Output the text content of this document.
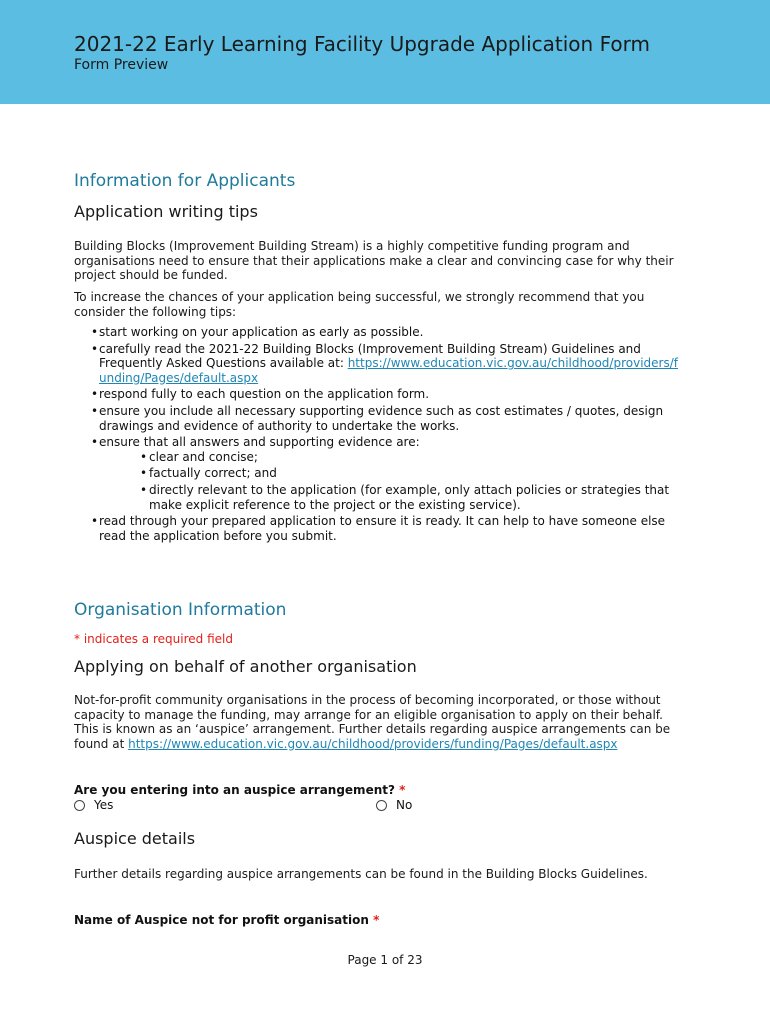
2021-22 Early Learning Facility Upgrade Application Form
Form Preview
Information for Applicants
Application writing tips
Building Blocks (Improvement Building Stream) is a highly competitive funding program and organisations need to ensure that their applications make a clear and convincing case for why their project should be funded.
To increase the chances of your application being successful, we strongly recommend that you consider the following tips:
• start working on your application as early as possible.
• carefully read the 2021-22 Building Blocks (Improvement Building Stream) Guidelines and Frequently Asked Questions available at: https://www.education.vic.gov.au/childhood/providers/funding/Pages/default.aspx
• respond fully to each question on the application form.
• ensure you include all necessary supporting evidence such as cost estimates / quotes, design drawings and evidence of authority to undertake the works.
• ensure that all answers and supporting evidence are:
• clear and concise;
• factually correct; and
• directly relevant to the application (for example, only attach policies or strategies that make explicit reference to the project or the existing service).
• read through your prepared application to ensure it is ready. It can help to have someone else read the application before you submit.
Organisation Information
* indicates a required field
Applying on behalf of another organisation
Not-for-profit community organisations in the process of becoming incorporated, or those without capacity to manage the funding, may arrange for an eligible organisation to apply on their behalf. This is known as an ‘auspice’ arrangement. Further details regarding auspice arrangements can be found at https://www.education.vic.gov.au/childhood/providers/funding/Pages/default.aspx
Are you entering into an auspice arrangement? *
Yes	No
Auspice details
Further details regarding auspice arrangements can be found in the Building Blocks Guidelines.
Name of Auspice not for profit organisation *
Page 1 of 23
